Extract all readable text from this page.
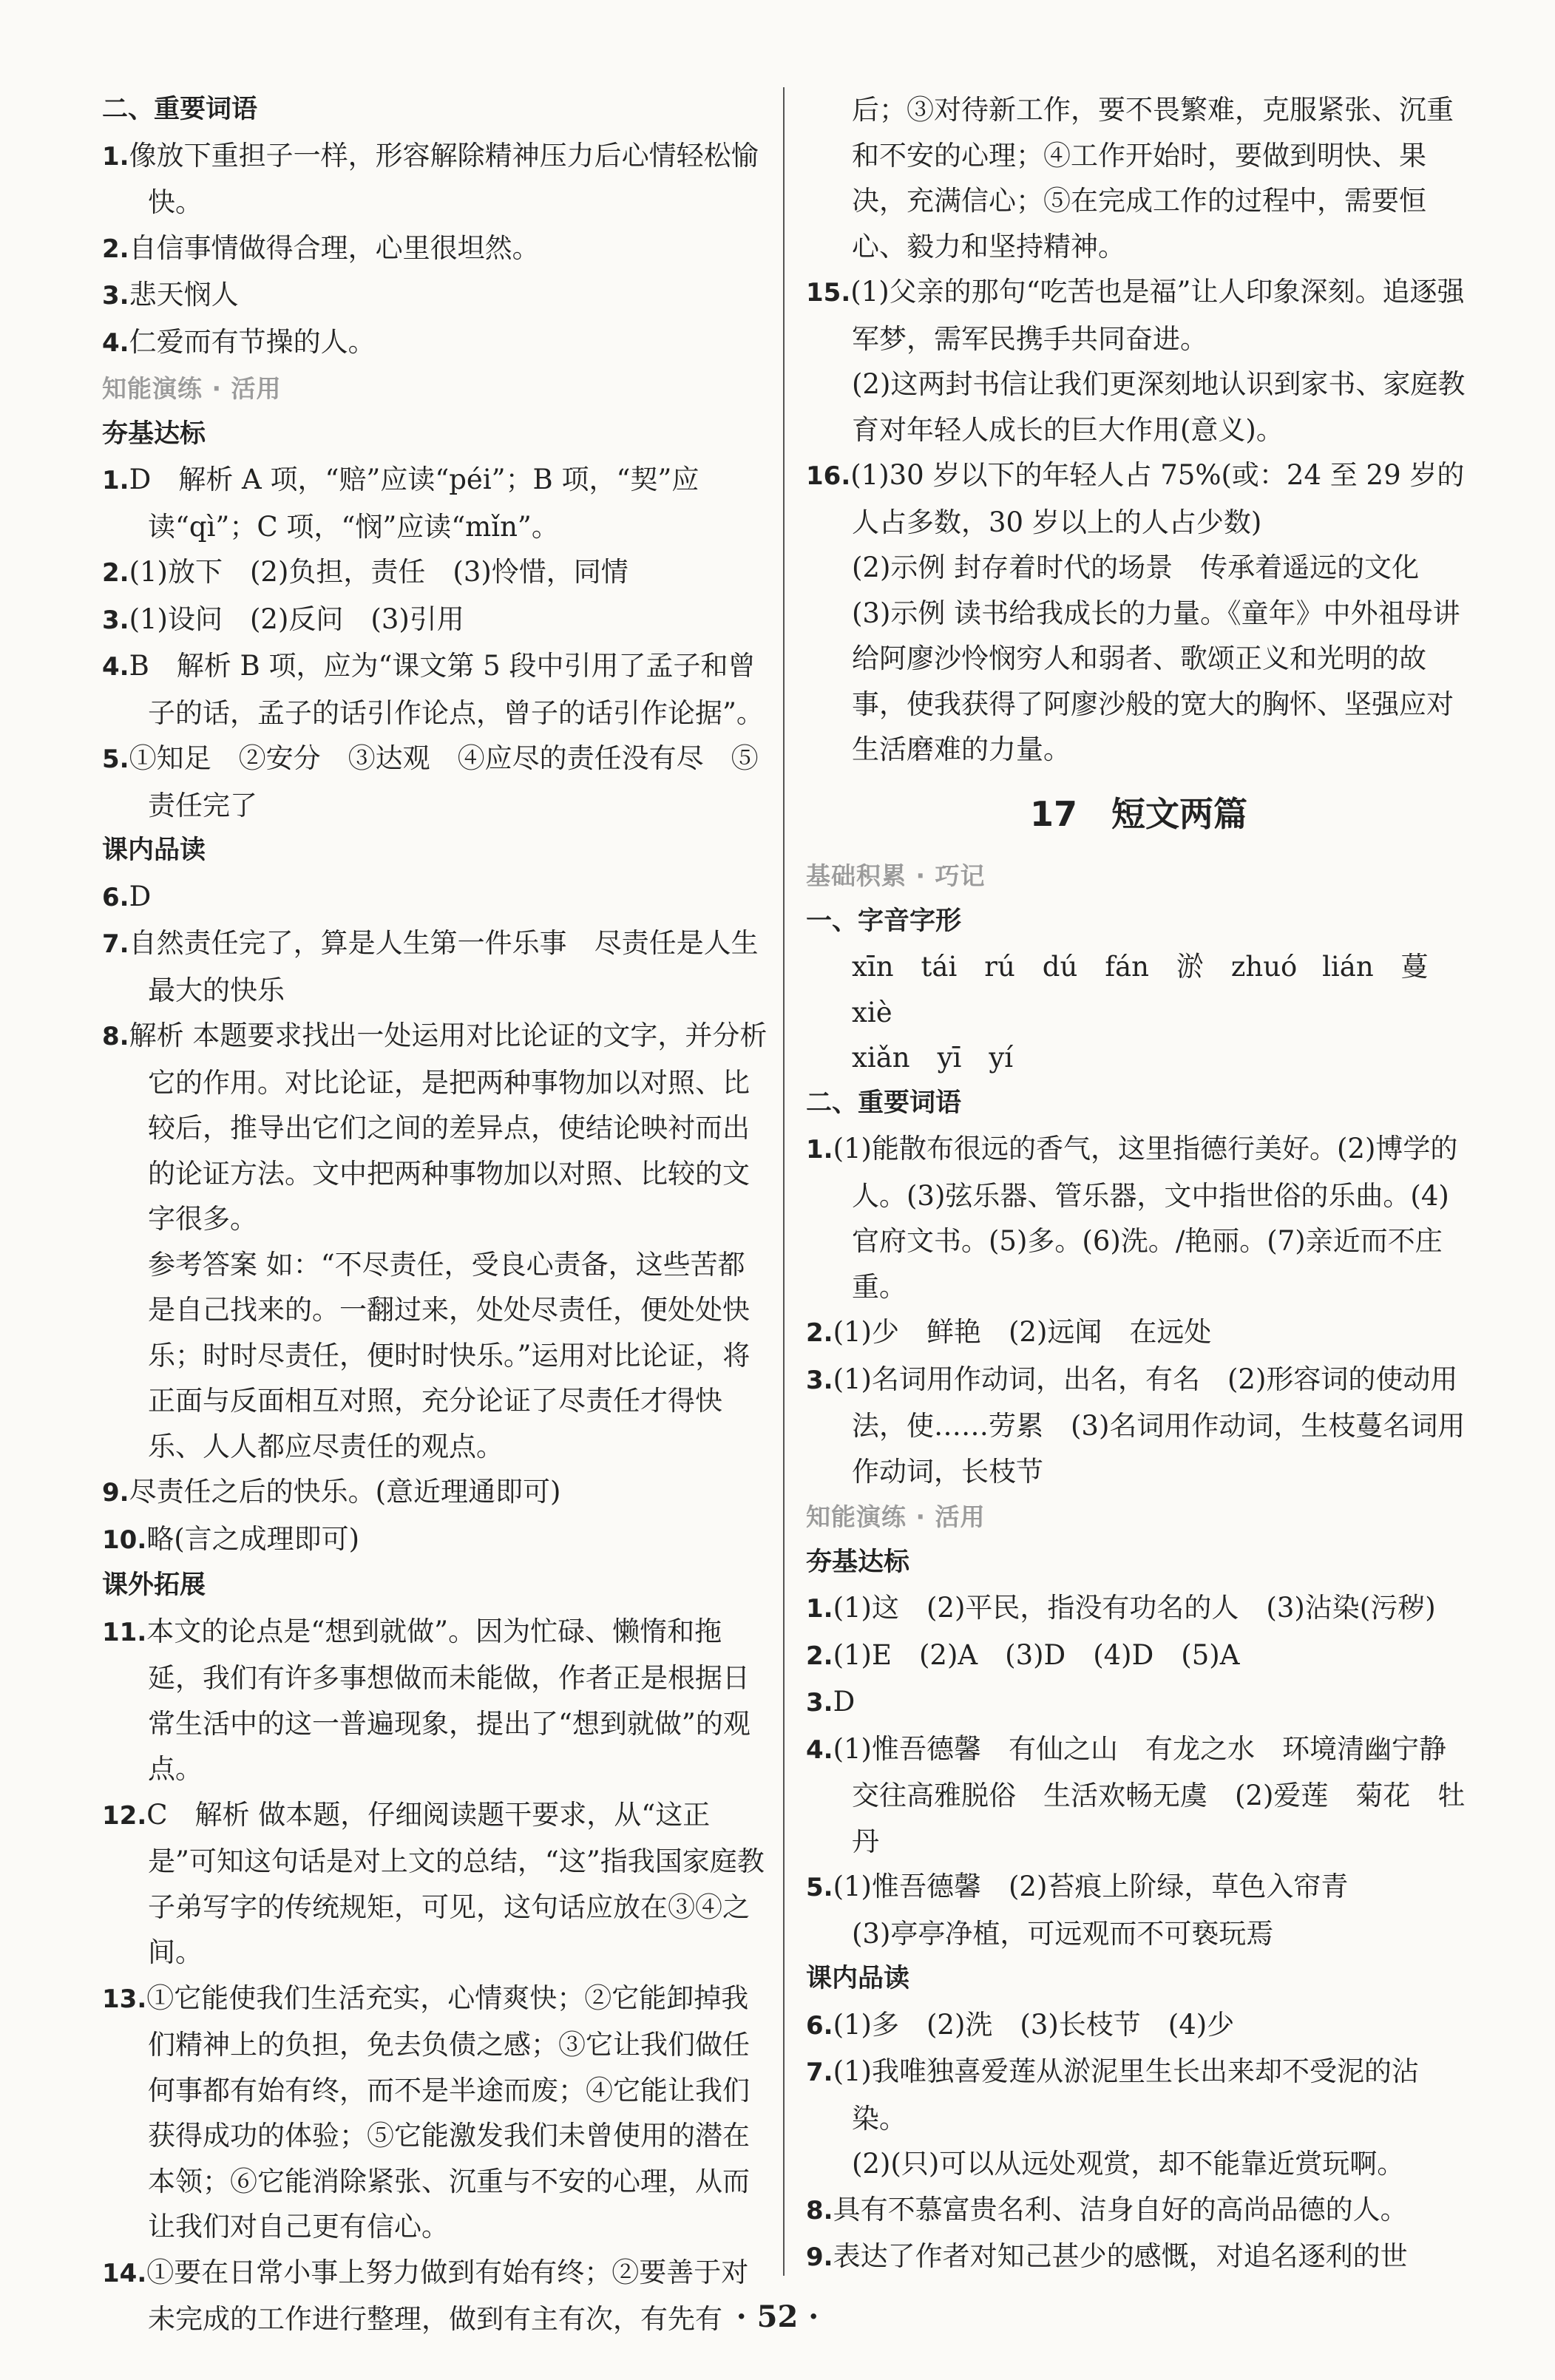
二、重要词语
1.像放下重担子一样，形容解除精神压力后心情轻松愉快。
2.自信事情做得合理，心里很坦然。
3.悲天悯人
4.仁爱而有节操的人。
知能演练 · 活用
夯基达标
1.D　解析 A 项，“赔”应读“péi”；B 项，“契”应读“qì”；C 项，“悯”应读“mǐn”。
2.(1)放下　(2)负担，责任　(3)怜惜，同情
3.(1)设问　(2)反问　(3)引用
4.B　解析 B 项，应为“课文第 5 段中引用了孟子和曾子的话，孟子的话引作论点，曾子的话引作论据”。
5.①知足　②安分　③达观　④应尽的责任没有尽　⑤责任完了
课内品读
6.D
7.自然责任完了，算是人生第一件乐事　尽责任是人生最大的快乐
8.解析 本题要求找出一处运用对比论证的文字，并分析它的作用。对比论证，是把两种事物加以对照、比较后，推导出它们之间的差异点，使结论映衬而出的论证方法。文中把两种事物加以对照、比较的文字很多。
参考答案 如：“不尽责任，受良心责备，这些苦都是自己找来的。一翻过来，处处尽责任，便处处快乐；时时尽责任，便时时快乐。”运用对比论证，将正面与反面相互对照，充分论证了尽责任才得快乐、人人都应尽责任的观点。
9.尽责任之后的快乐。(意近理通即可)
10.略(言之成理即可)
课外拓展
11.本文的论点是“想到就做”。因为忙碌、懒惰和拖延，我们有许多事想做而未能做，作者正是根据日常生活中的这一普遍现象，提出了“想到就做”的观点。
12.C　解析 做本题，仔细阅读题干要求，从“这正是”可知这句话是对上文的总结，“这”指我国家庭教子弟写字的传统规矩，可见，这句话应放在③④之间。
13.①它能使我们生活充实，心情爽快；②它能卸掉我们精神上的负担，免去负债之感；③它让我们做任何事都有始有终，而不是半途而废；④它能让我们获得成功的体验；⑤它能激发我们未曾使用的潜在本领；⑥它能消除紧张、沉重与不安的心理，从而让我们对自己更有信心。
14.①要在日常小事上努力做到有始有终；②要善于对未完成的工作进行整理，做到有主有次，有先有
后；③对待新工作，要不畏繁难，克服紧张、沉重和不安的心理；④工作开始时，要做到明快、果决，充满信心；⑤在完成工作的过程中，需要恒心、毅力和坚持精神。
15.(1)父亲的那句“吃苦也是福”让人印象深刻。追逐强军梦，需军民携手共同奋进。
(2)这两封书信让我们更深刻地认识到家书、家庭教育对年轻人成长的巨大作用(意义)。
16.(1)30 岁以下的年轻人占 75%(或：24 至 29 岁的人占多数，30 岁以上的人占少数)
(2)示例 封存着时代的场景　传承着遥远的文化
(3)示例 读书给我成长的力量。《童年》中外祖母讲给阿廖沙怜悯穷人和弱者、歌颂正义和光明的故事，使我获得了阿廖沙般的宽大的胸怀、坚强应对生活磨难的力量。
17　短文两篇
基础积累 · 巧记
一、字音字形
xīn　tái　rú　dú　fán　淤　zhuó lián　蔓　xiè
xiǎn　yī　yí
二、重要词语
1.(1)能散布很远的香气，这里指德行美好。(2)博学的人。(3)弦乐器、管乐器，文中指世俗的乐曲。(4)官府文书。(5)多。(6)洗。/艳丽。(7)亲近而不庄重。
2.(1)少　鲜艳　(2)远闻　在远处
3.(1)名词用作动词，出名，有名　(2)形容词的使动用法，使……劳累　(3)名词用作动词，生枝蔓名词用作动词，长枝节
知能演练 · 活用
夯基达标
1.(1)这　(2)平民，指没有功名的人　(3)沾染(污秽)
2.(1)E　(2)A　(3)D　(4)D　(5)A
3.D
4.(1)惟吾德馨　有仙之山　有龙之水　环境清幽宁静　交往高雅脱俗　生活欢畅无虞　(2)爱莲　菊花　牡丹
5.(1)惟吾德馨　(2)苔痕上阶绿，草色入帘青
(3)亭亭净植，可远观而不可亵玩焉
课内品读
6.(1)多　(2)洗　(3)长枝节　(4)少
7.(1)我唯独喜爱莲从淤泥里生长出来却不受泥的沾染。
(2)(只)可以从远处观赏，却不能靠近赏玩啊。
8.具有不慕富贵名利、洁身自好的高尚品德的人。
9.表达了作者对知己甚少的感慨，对追名逐利的世
· 52 ·
